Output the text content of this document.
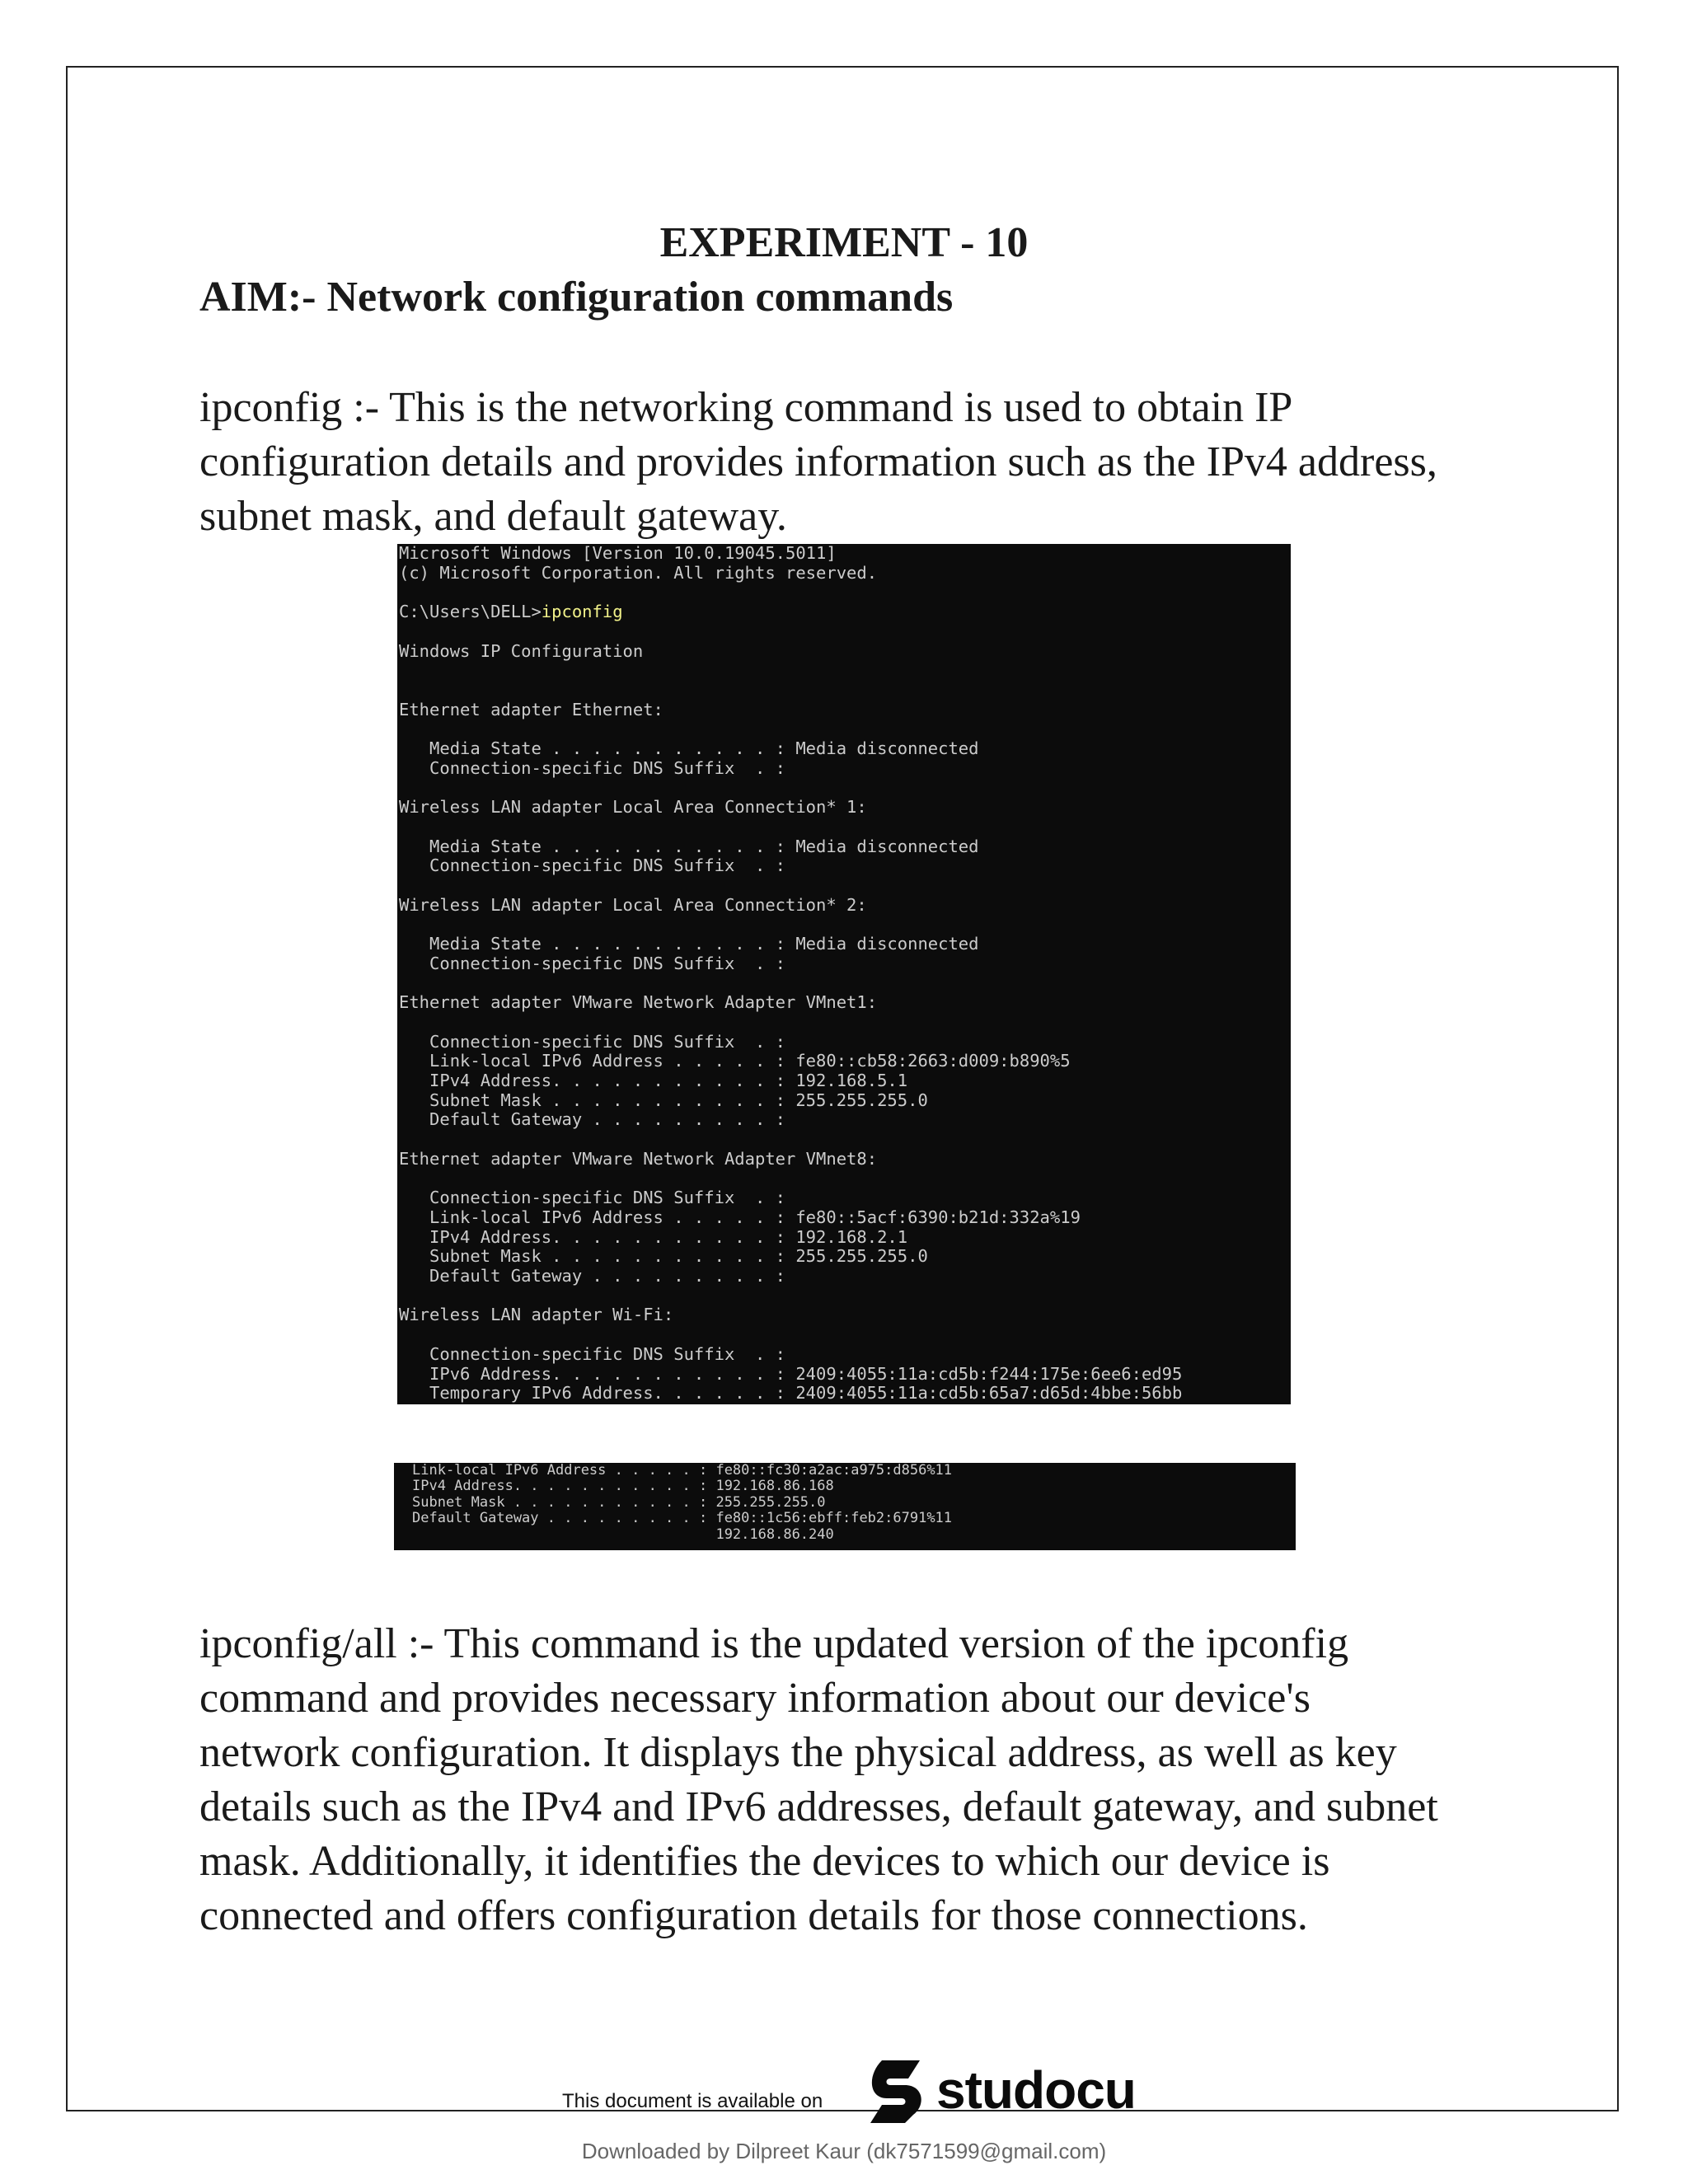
EXPERIMENT - 10
AIM:- Network configuration commands

ipconfig :- This is the networking command is used to obtain IP
configuration details and provides information such as the IPv4 address,
subnet mask, and default gateway.

Microsoft Windows [Version 10.0.19045.5011]
(c) Microsoft Corporation. All rights reserved.

C:\Users\DELL>ipconfig

Windows IP Configuration

Ethernet adapter Ethernet:

Media State . . . . . . . . . . . : Media disconnected
Connection-specific DNS Suffix  . :

Wireless LAN adapter Local Area Connection* 1:

Media State . . . . . . . . . . . : Media disconnected
Connection-specific DNS Suffix  . :

Wireless LAN adapter Local Area Connection* 2:

Media State . . . . . . . . . . . : Media disconnected
Connection-specific DNS Suffix  . :

Ethernet adapter VMware Network Adapter VMnet1:

Connection-specific DNS Suffix  . :
Link-local IPv6 Address . . . . . : fe80::cb58:2663:d009:b890%5
IPv4 Address. . . . . . . . . . . : 192.168.5.1
Subnet Mask . . . . . . . . . . . : 255.255.255.0
Default Gateway . . . . . . . . . :

Ethernet adapter VMware Network Adapter VMnet8:

Connection-specific DNS Suffix  . :
Link-local IPv6 Address . . . . . : fe80::5acf:6390:b21d:332a%19
IPv4 Address. . . . . . . . . . . : 192.168.2.1
Subnet Mask . . . . . . . . . . . : 255.255.255.0
Default Gateway . . . . . . . . . :

Wireless LAN adapter Wi-Fi:

Connection-specific DNS Suffix  . :
IPv6 Address. . . . . . . . . . . : 2409:4055:11a:cd5b:f244:175e:6ee6:ed95
Temporary IPv6 Address. . . . . . : 2409:4055:11a:cd5b:65a7:d65d:4bbe:56bb
Link-local IPv6 Address . . . . . : fe80::fc30:a2ac:a975:d856%11
IPv4 Address. . . . . . . . . . . : 192.168.86.168
Subnet Mask . . . . . . . . . . . : 255.255.255.0
Default Gateway . . . . . . . . . : fe80::1c56:ebff:feb2:6791%11
192.168.86.240

ipconfig/all :- This command is the updated version of the ipconfig
command and provides necessary information about our device's
network configuration. It displays the physical address, as well as key
details such as the IPv4 and IPv6 addresses, default gateway, and subnet
mask. Additionally, it identifies the devices to which our device is
connected and offers configuration details for those connections.

This document is available on studocu
Downloaded by Dilpreet Kaur (dk7571599@gmail.com)
